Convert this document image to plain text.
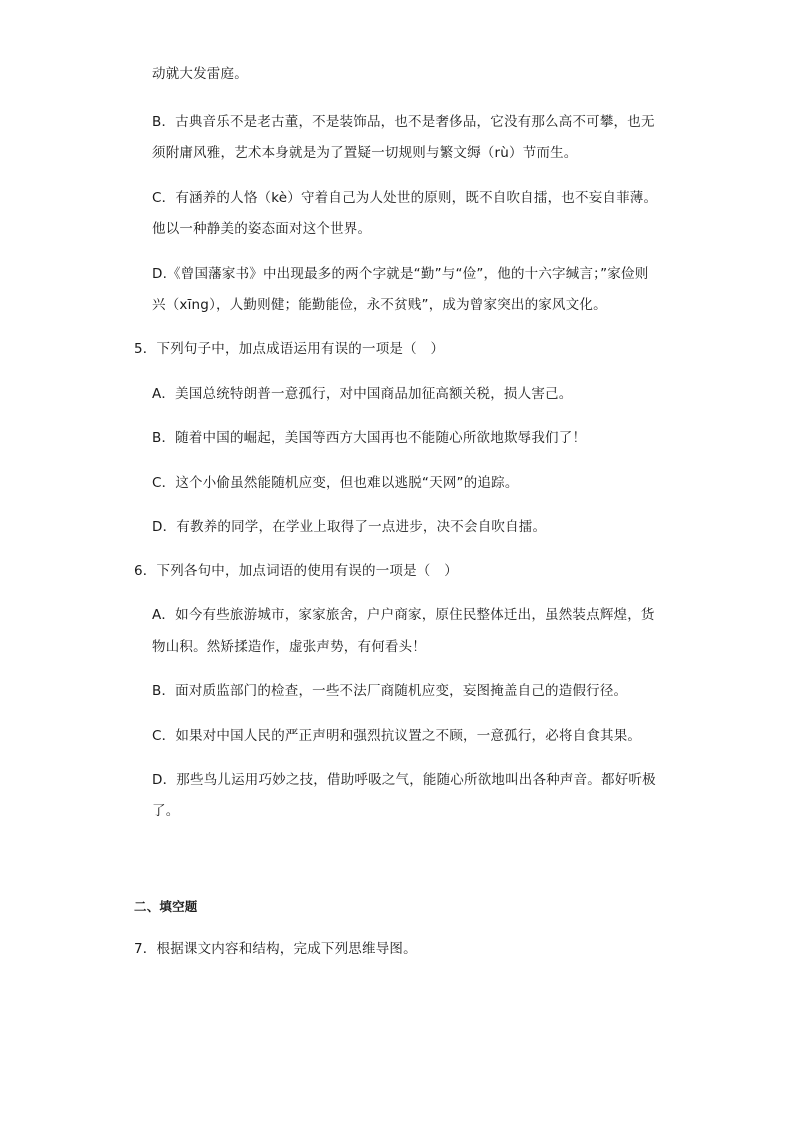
动就大发雷庭。
B．古典音乐不是老古董，不是装饰品，也不是奢侈品，它没有那么高不可攀，也无
须附庸风雅，艺术本身就是为了置疑一切规则与繁文缛（rù）节而生。
C．有涵养的人恪（kè）守着自己为人处世的原则，既不自吹自擂，也不妄自菲薄。
他以一种静美的姿态面对这个世界。
D.《曾国藩家书》中出现最多的两个字就是“勤”与“俭”，他的十六字缄言；”家俭则
兴（xīng），人勤则健；能勤能俭，永不贫贱”，成为曾家突出的家风文化。
5．下列句子中，加点成语运用有误的一项是（　）
A．美国总统特朗普一意孤行，对中国商品加征高额关税，损人害己。
B．随着中国的崛起，美国等西方大国再也不能随心所欲地欺辱我们了！
C．这个小偷虽然能随机应变，但也难以逃脱“天网”的追踪。
D．有教养的同学，在学业上取得了一点进步，决不会自吹自擂。
6．下列各句中，加点词语的使用有误的一项是（　）
A．如今有些旅游城市，家家旅舍，户户商家，原住民整体迁出，虽然装点辉煌，货
物山积。然矫揉造作，虚张声势，有何看头！
B．面对质监部门的检查，一些不法厂商随机应变，妄图掩盖自己的造假行径。
C．如果对中国人民的严正声明和强烈抗议置之不顾，一意孤行，必将自食其果。
D．那些鸟儿运用巧妙之技，借助呼吸之气，能随心所欲地叫出各种声音。都好听极
了。
二、填空题
7．根据课文内容和结构，完成下列思维导图。
